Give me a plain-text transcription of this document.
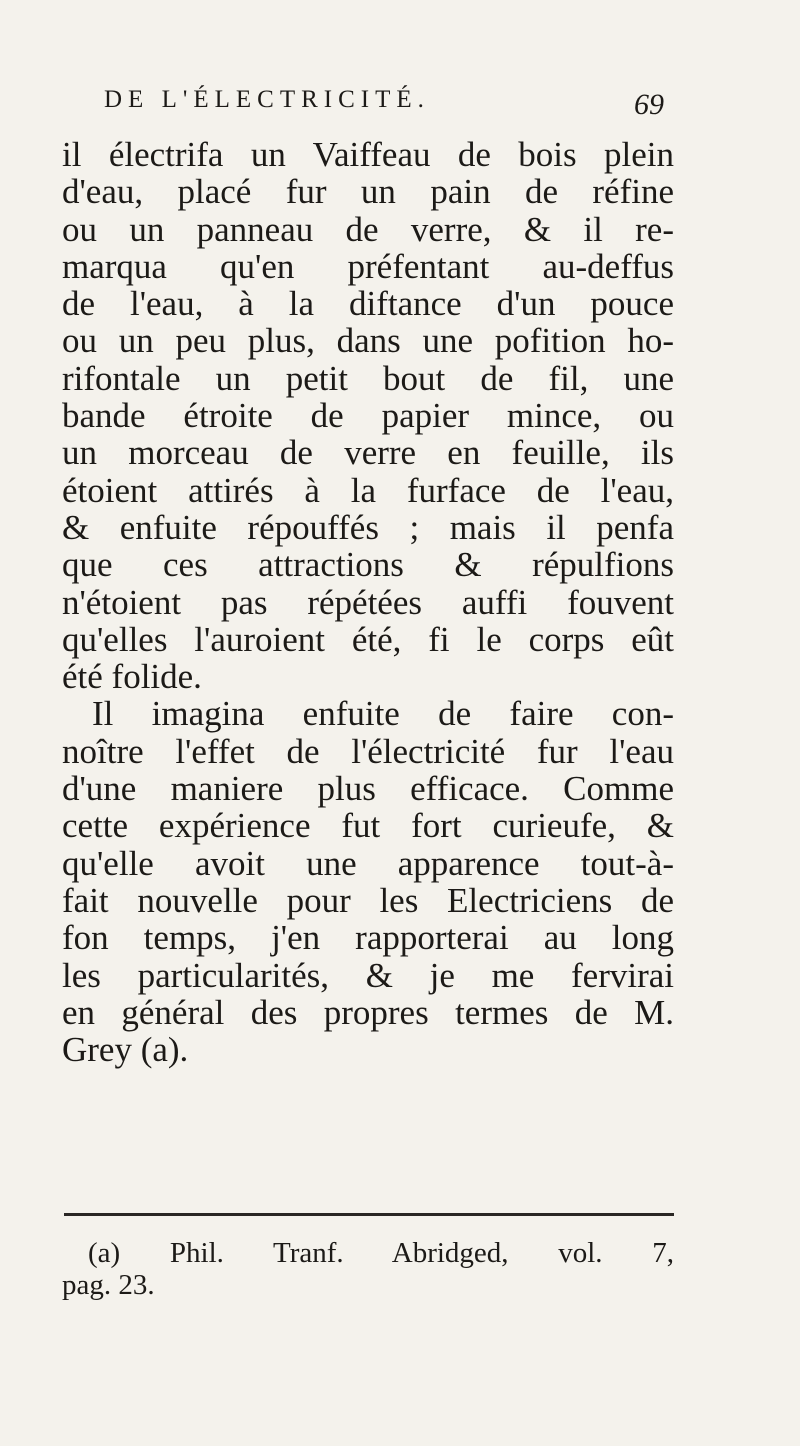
DE L'ÉLECTRICITÉ.	69
il électrifa un Vaiffeau de bois plein
d'eau, placé fur un pain de réfine
ou un panneau de verre, & il re-
marqua qu'en préfentant au-deffus
de l'eau, à la diftance d'un pouce
ou un peu plus, dans une pofition ho-
rifontale un petit bout de fil, une
bande étroite de papier mince, ou
un morceau de verre en feuille, ils
étoient attirés à la furface de l'eau,
& enfuite répouffés ; mais il penfa
que ces attractions & répulfions
n'étoient pas répétées auffi fouvent
qu'elles l'auroient été, fi le corps eût
été folide.
Il imagina enfuite de faire con-
noître l'effet de l'électricité fur l'eau
d'une maniere plus efficace. Comme
cette expérience fut fort curieufe, &
qu'elle avoit une apparence tout-à-
fait nouvelle pour les Electriciens de
fon temps, j'en rapporterai au long
les particularités, & je me fervirai
en général des propres termes de M.
Grey (a).
(a) Phil. Tranf. Abridged, vol. 7,
pag. 23.
